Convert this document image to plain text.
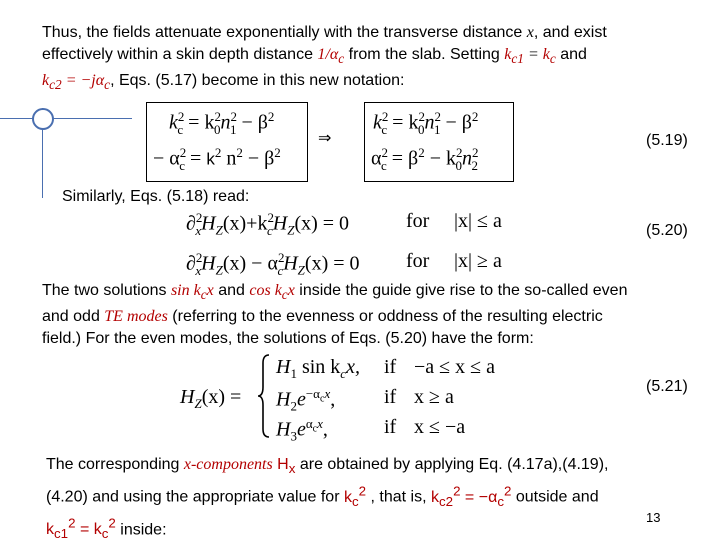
Thus, the fields attenuate exponentially with the transverse distance x, and exist
effectively within a skin depth distance $1/\alpha_c$ from the slab. Setting $k_{c1} = k_c$ and
$k_{c2} = -j\alpha_c$, Eqs. (5.17) become in this new notation:

$k^2_c = k^2_0n^2_1 - \beta^2$
− $\alpha^2_c = k^2$ $n^2 - \beta^2$
⇒
$k^2_c = k^2_0n^2_1 - \beta^2$
$\alpha^2_c = \beta^2 - k^2_0n^2_2$
(5.19)

Similarly, Eqs. (5.18) read:

$\partial^2_xH_Z(x)+k^2_cH_Z(x) = 0$	for |x| ≤ a	(5.20)
$\partial^2_xH_Z(x) - \alpha^2_cH_Z(x) = 0$ for |x| ≥ a

The two solutions $\sin k_cx$ and $\cos k_cx$ inside the guide give rise to the so-called even
and odd TE modes (referring to the evenness or oddness of the resulting electric
field.) For the even modes, the solutions of Eqs. (5.20) have the form:

$H_Z(x)$ =
$H_1$ $\sin k_cx$, if −a ≤ x ≤ a
$H_2e^{-\alpha_cx}$, if x ≥ a	(5.21)
$H_3e^{\alpha_cx}$,	if x ≤ −a

The corresponding x-components $H_x$ are obtained by applying Eq. (4.17a),(4.19),
(4.20) and using the appropriate value for $k_c^2$ , that is, $k_{c2}^2 = -\alpha_c^2$ outside and
$k_{c1}^2 = k_c^2$ inside:

13
